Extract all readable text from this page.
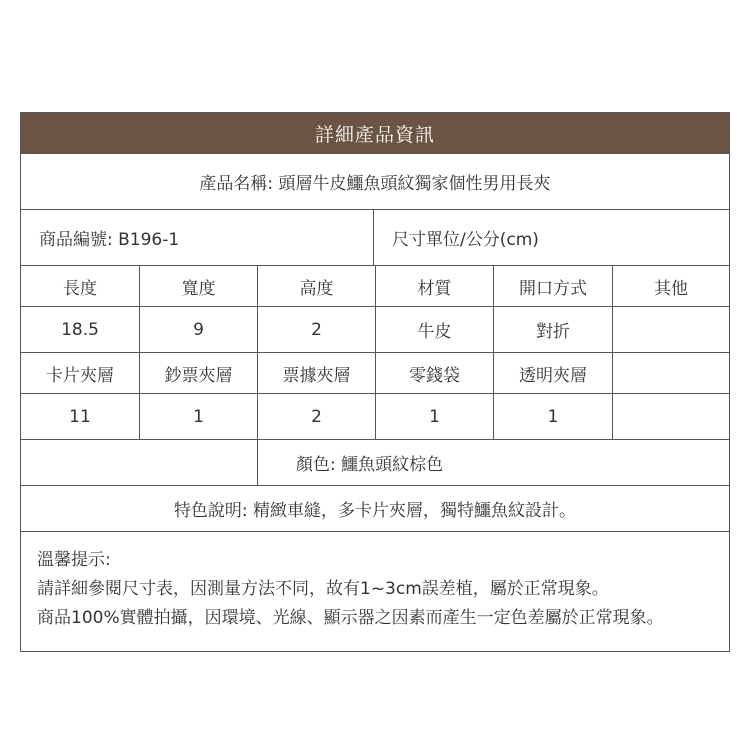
詳細產品資訊
產品名稱: 頭層牛皮鱷魚頭紋獨家個性男用長夾
商品編號: B196-1	尺寸單位/公分(cm)
長度	寬度	高度	材質	開口方式	其他
18.5	9	2	牛皮	對折
卡片夾層	鈔票夾層	票據夾層	零錢袋	透明夾層
11	1	2	1	1
顏色: 鱷魚頭紋棕色
特色說明: 精緻車縫，多卡片夾層，獨特鱷魚紋設計。
溫馨提示:
請詳細參閱尺寸表，因測量方法不同，故有1~3cm誤差植，屬於正常現象。
商品100%實體拍攝，因環境、光線、顯示器之因素而產生一定色差屬於正常現象。
